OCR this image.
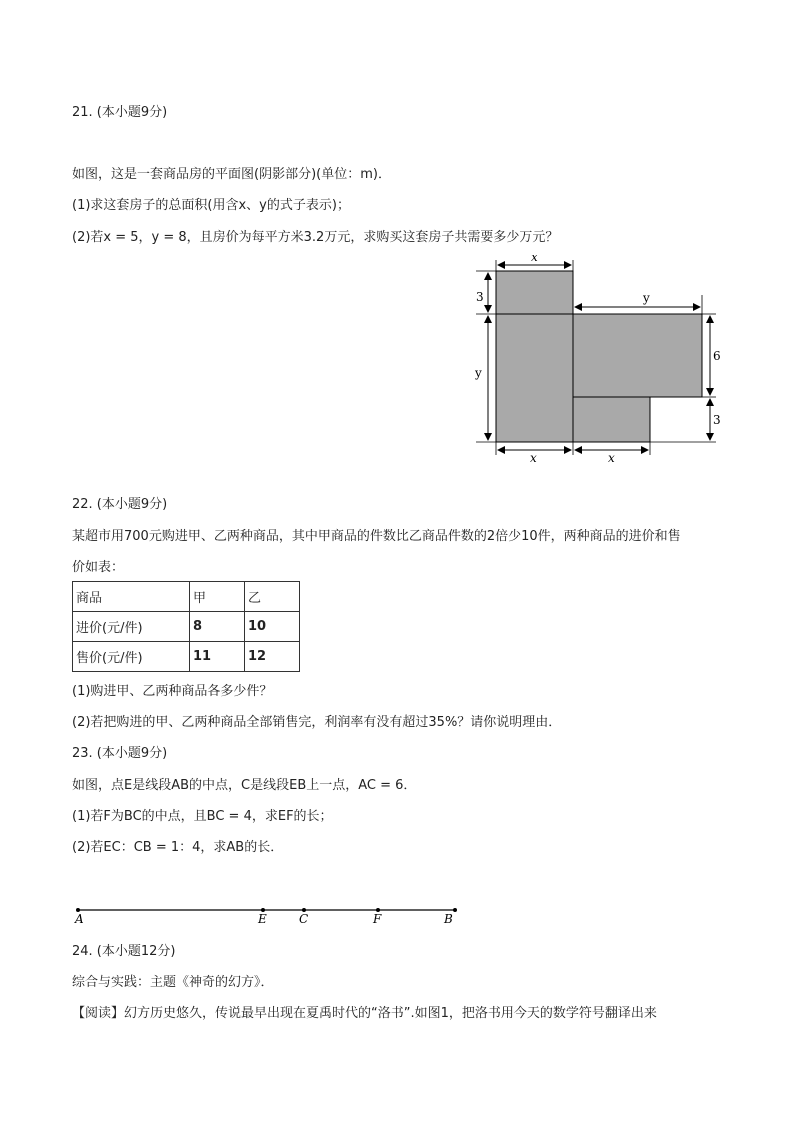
21. (本小题9分)
如图，这是一套商品房的平面图(阴影部分)(单位：m)．
(1)求这套房子的总面积(用含x、y的式子表示)；
(2)若x = 5，y = 8，且房价为每平方米3.2万元，求购买这套房子共需要多少万元？
x
y
3
y
6
3
x	x
22. (本小题9分)
某超市用700元购进甲、乙两种商品，其中甲商品的件数比乙商品件数的2倍少10件，两种商品的进价和售
价如表：
商品	甲	乙
进价(元/件)	8	10
售价(元/件)	11	12
(1)购进甲、乙两种商品各多少件？
(2)若把购进的甲、乙两种商品全部销售完，利润率有没有超过35%？请你说明理由．
23. (本小题9分)
如图，点E是线段AB的中点，C是线段EB上一点，AC = 6．
(1)若F为BC的中点，且BC = 4，求EF的长；
(2)若EC：CB = 1：4，求AB的长．
A	E	C	F	B
24. (本小题12分)
综合与实践：主题《神奇的幻方》．
【阅读】幻方历史悠久，传说最早出现在夏禹时代的“洛书”.如图1，把洛书用今天的数学符号翻译出来
